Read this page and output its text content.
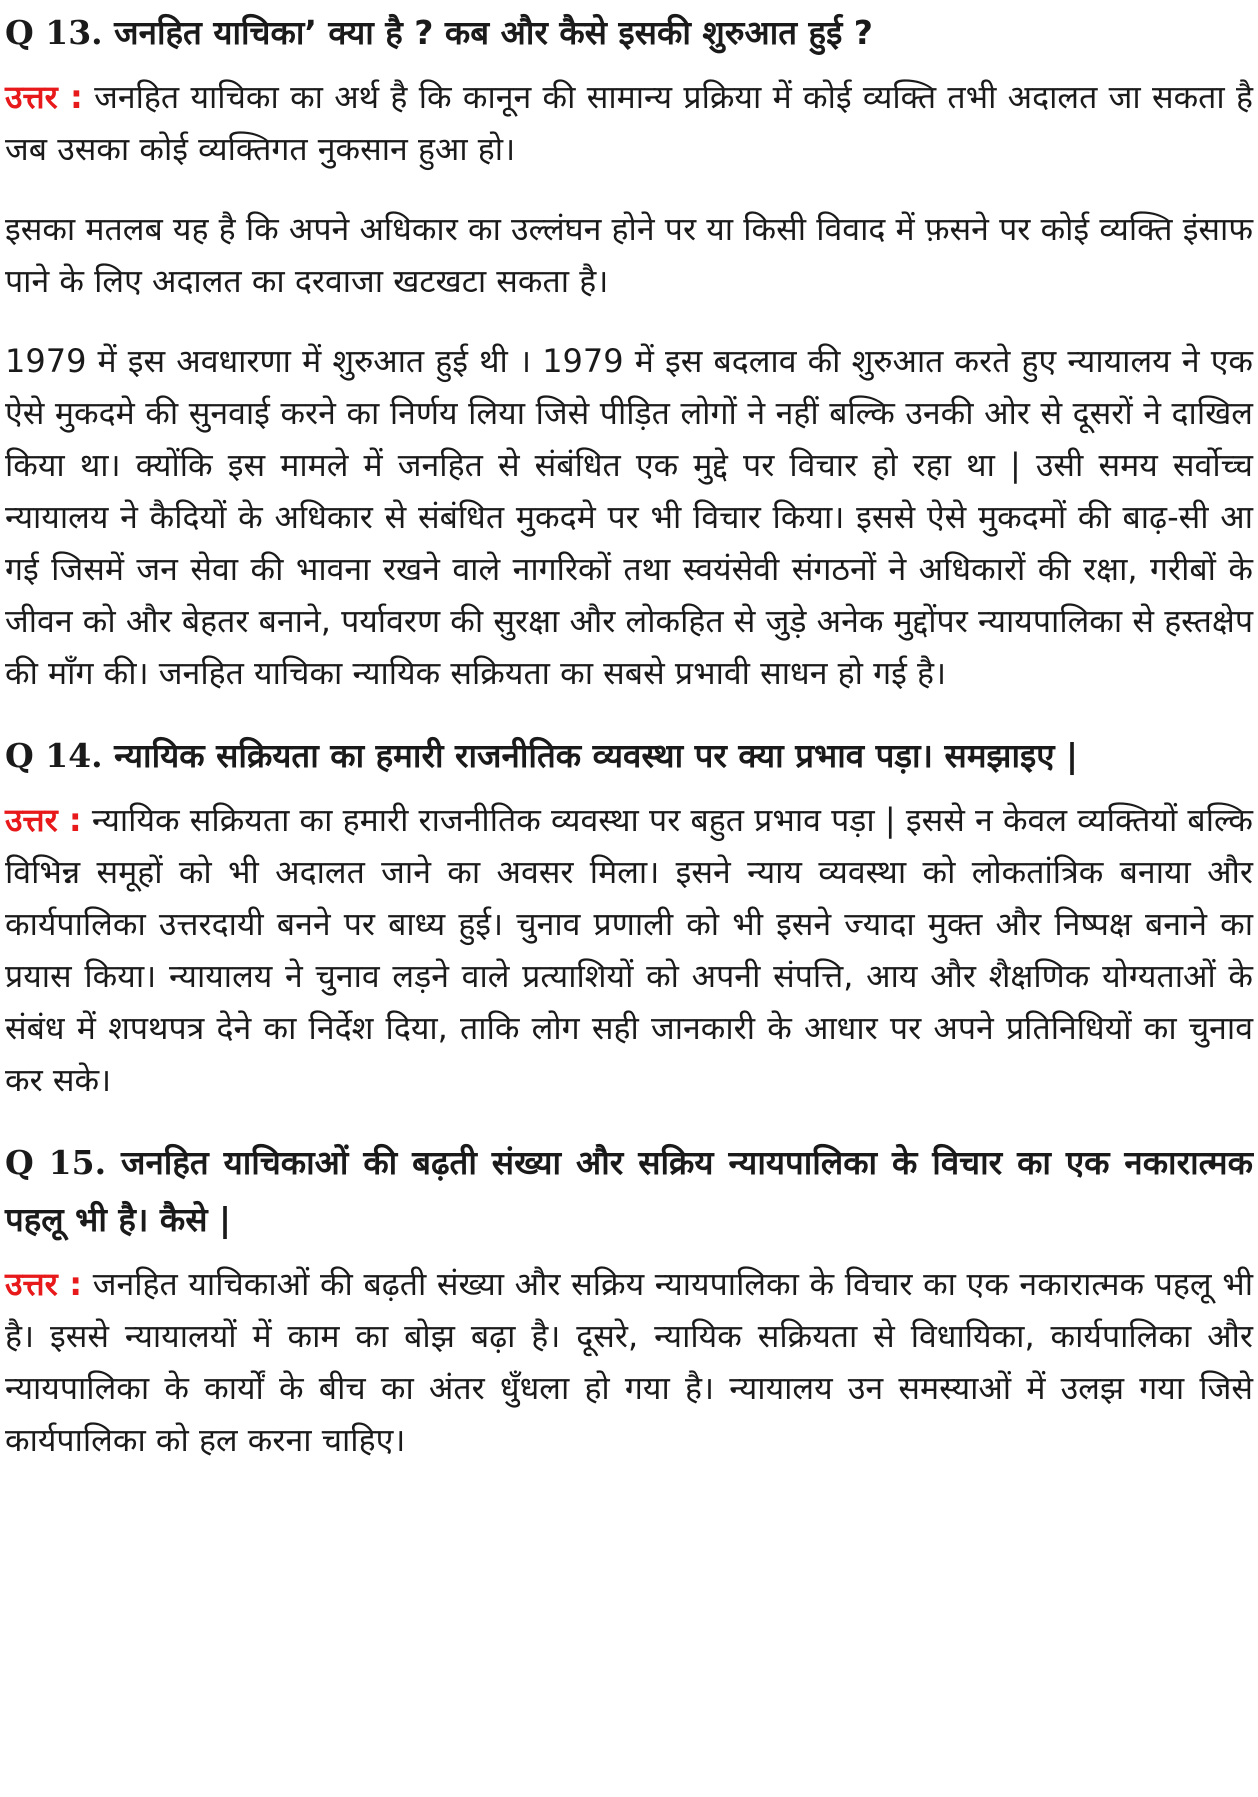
Q 13. जनहित याचिका’ क्या है ? कब और कैसे इसकी शुरुआत हुई ?

उत्तर : जनहित याचिका का अर्थ है कि कानून की सामान्य प्रक्रिया में कोई व्यक्ति तभी अदालत जा सकता है जब उसका कोई व्यक्तिगत नुकसान हुआ हो।

इसका मतलब यह है कि अपने अधिकार का उल्लंघन होने पर या किसी विवाद में फ़सने पर कोई व्यक्ति इंसाफ पाने के लिए अदालत का दरवाजा खटखटा सकता है।

1979 में इस अवधारणा में शुरुआत हुई थी । 1979 में इस बदलाव की शुरुआत करते हुए न्यायालय ने एक ऐसे मुकदमे की सुनवाई करने का निर्णय लिया जिसे पीड़ित लोगों ने नहीं बल्कि उनकी ओर से दूसरों ने दाखिल किया था। क्योंकि इस मामले में जनहित से संबंधित एक मुद्दे पर विचार हो रहा था | उसी समय सर्वोच्च न्यायालय ने कैदियों के अधिकार से संबंधित मुकदमे पर भी विचार किया। इससे ऐसे मुकदमों की बाढ़-सी आ गई जिसमें जन सेवा की भावना रखने वाले नागरिकों तथा स्वयंसेवी संगठनों ने अधिकारों की रक्षा, गरीबों के जीवन को और बेहतर बनाने, पर्यावरण की सुरक्षा और लोकहित से जुड़े अनेक मुद्दोंपर न्यायपालिका से हस्तक्षेप की माँग की। जनहित याचिका न्यायिक सक्रियता का सबसे प्रभावी साधन हो गई है।

Q 14. न्यायिक सक्रियता का हमारी राजनीतिक व्यवस्था पर क्या प्रभाव पड़ा। समझाइए |

उत्तर : न्यायिक सक्रियता का हमारी राजनीतिक व्यवस्था पर बहुत प्रभाव पड़ा | इससे न केवल व्यक्तियों बल्कि विभिन्न समूहों को भी अदालत जाने का अवसर मिला। इसने न्याय व्यवस्था को लोकतांत्रिक बनाया और कार्यपालिका उत्तरदायी बनने पर बाध्य हुई। चुनाव प्रणाली को भी इसने ज्यादा मुक्त और निष्पक्ष बनाने का प्रयास किया। न्यायालय ने चुनाव लड़ने वाले प्रत्याशियों को अपनी संपत्ति, आय और शैक्षणिक योग्यताओं के संबंध में शपथपत्र देने का निर्देश दिया, ताकि लोग सही जानकारी के आधार पर अपने प्रतिनिधियों का चुनाव कर सके।

Q 15. जनहित याचिकाओं की बढ़ती संख्या और सक्रिय न्यायपालिका के विचार का एक नकारात्मक पहलू भी है। कैसे |

उत्तर : जनहित याचिकाओं की बढ़ती संख्या और सक्रिय न्यायपालिका के विचार का एक नकारात्मक पहलू भी है। इससे न्यायालयों में काम का बोझ बढ़ा है। दूसरे, न्यायिक सक्रियता से विधायिका, कार्यपालिका और न्यायपालिका के कार्यों के बीच का अंतर धुँधला हो गया है। न्यायालय उन समस्याओं में उलझ गया जिसे कार्यपालिका को हल करना चाहिए।
